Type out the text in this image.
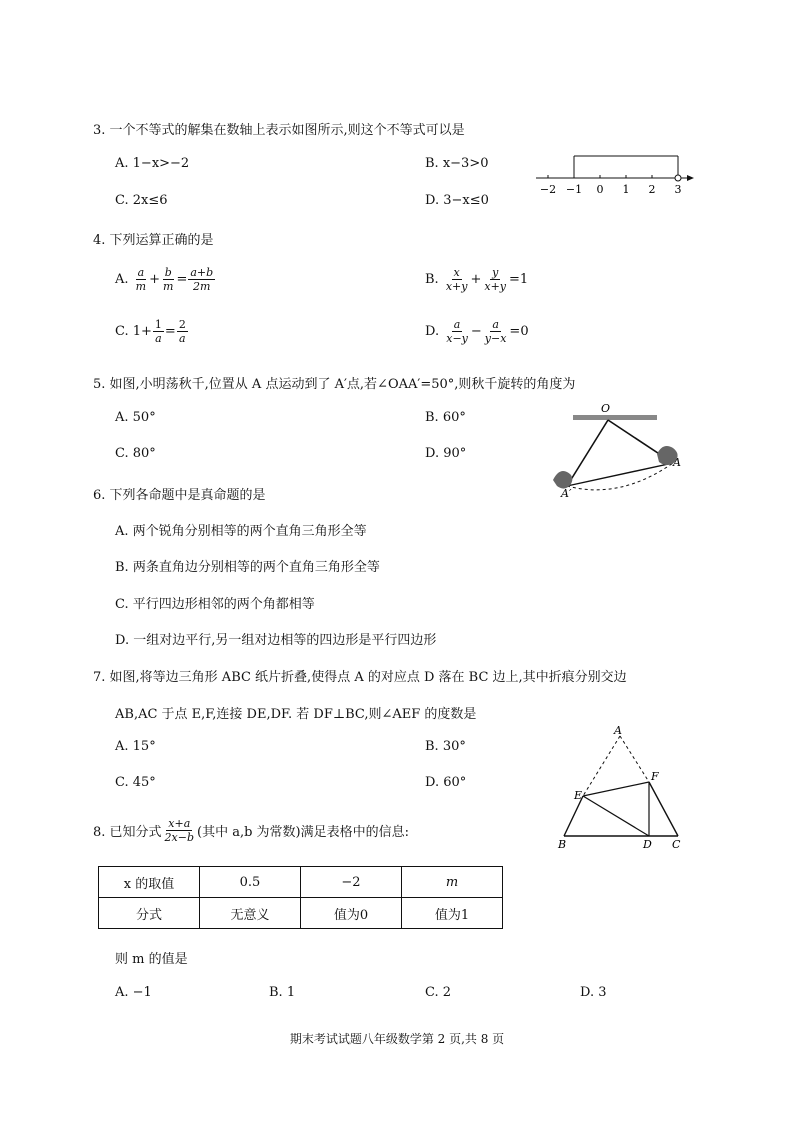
3. 一个不等式的解集在数轴上表示如图所示,则这个不等式可以是
A. 1−x>−2	B. x−3>0
C. 2x≤6	D. 3−x≤0
−2 −1 0 1 2 3
4. 下列运算正确的是
A.
$\frac{a}{m} + \frac{b}{m} = \frac{a+b}{2m}$	B.
$\frac{x}{x+y} + \frac{y}{x+y} =1$
C. $1+ \frac{1}{a} = \frac{2}{a}$	D.
$\frac{a}{x-y} - \frac{a}{y-x} =0$
5. 如图,小明荡秋千,位置从 A 点运动到了 A′点,若∠OAA′=50°,则秋千旋转的角度为
A. 50°	B. 60°
C. 80°	D. 90°
O
A
A′
6. 下列各命题中是真命题的是
A. 两个锐角分别相等的两个直角三角形全等
B. 两条直角边分别相等的两个直角三角形全等
C. 平行四边形相邻的两个角都相等
D. 一组对边平行,另一组对边相等的四边形是平行四边形
7. 如图,将等边三角形 ABC 纸片折叠,使得点 A 的对应点 D 落在 BC 边上,其中折痕分别交边
AB,AC 于点 E,F,连接 DE,DF. 若 DF⊥BC,则∠AEF 的度数是
A. 15°	B. 30°
C. 45°	D. 60°
A
F
E
B	D C
8. 已知分式 $\frac{x+a}{2x-b}$ (其中 a,b 为常数)满足表格中的信息:
x 的取值	0.5	−2	m
分式	无意义	值为0	值为1
则 m 的值是
A. −1	B. 1	C. 2	D. 3
期末考试试题八年级数学第 2 页,共 8 页
